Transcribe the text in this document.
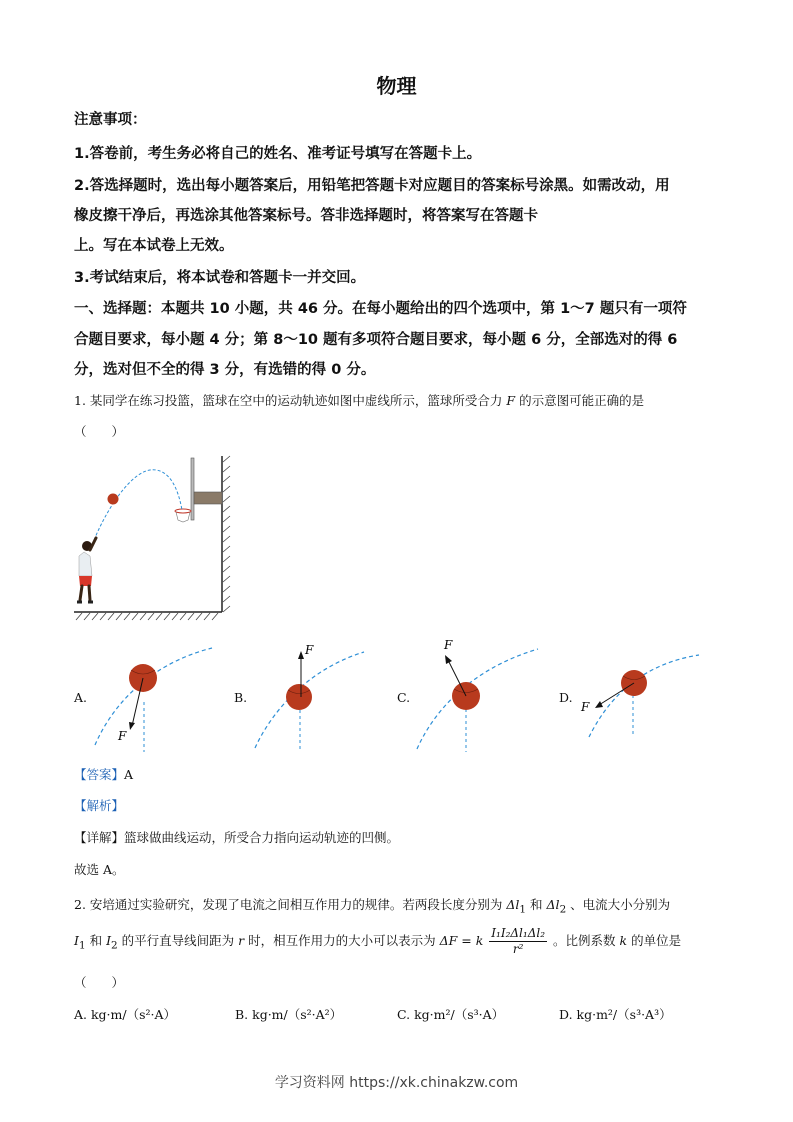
物理
注意事项：
1.答卷前，考生务必将自己的姓名、准考证号填写在答题卡上。
2.答选择题时，选出每小题答案后，用铅笔把答题卡对应题目的答案标号涂黑。如需改动，用
橡皮擦干净后，再选涂其他答案标号。答非选择题时，将答案写在答题卡
上。写在本试卷上无效。
3.考试结束后，将本试卷和答题卡一并交回。
一、选择题：本题共 10 小题，共 46 分。在每小题给出的四个选项中，第 1～7 题只有一项符
合题目要求，每小题 4 分；第 8～10 题有多项符合题目要求，每小题 6 分，全部选对的得 6
分，选对但不全的得 3 分，有选错的得 0 分。
1. 某同学在练习投篮，篮球在空中的运动轨迹如图中虚线所示，篮球所受合力 F 的示意图可能正确的是
（　　）
A.
F
B.
F
C.
F
D.
F
【答案】A
【解析】
【详解】篮球做曲线运动，所受合力指向运动轨迹的凹侧。
故选 A。
2. 安培通过实验研究，发现了电流之间相互作用力的规律。若两段长度分别为 $\Delta l_1$ 和 $\Delta l_2$ 、电流大小分别为
$I_1$ 和 $I_2$ 的平行直导线间距为 r 时，相互作用力的大小可以表示为 ΔF = k $\frac{\text{I₁I₂Δl₁Δl₂}}{\text{r²}}$ 。比例系数 k 的单位是
（　　）
A. kg·m/（s²·A）	B. kg·m/（s²·A²）	C. kg·m²/（s³·A）	D. kg·m²/（s³·A³）
学习资料网 https://xk.chinakzw.com
